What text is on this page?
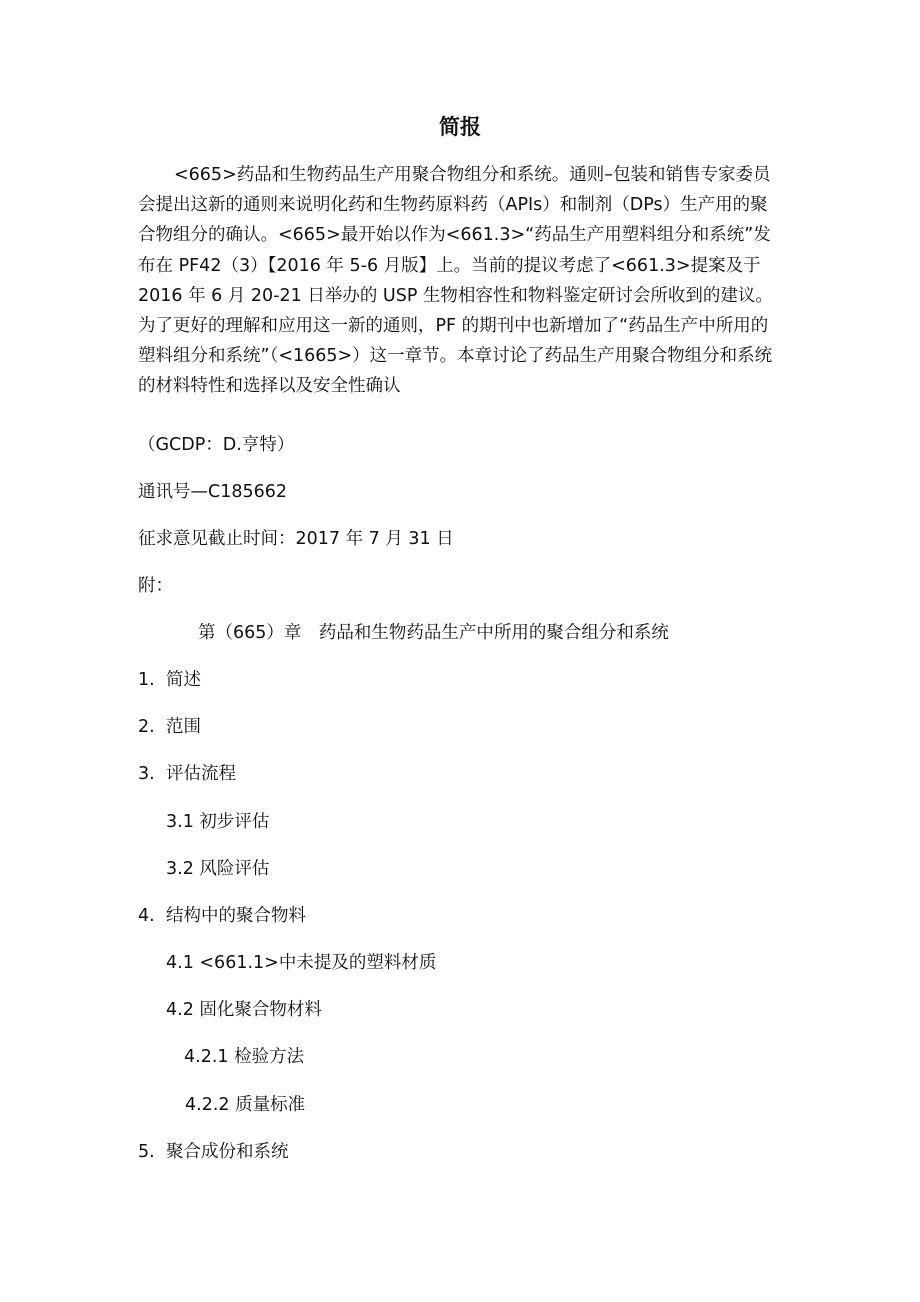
简报

<665>药品和生物药品生产用聚合物组分和系统。通则–包装和销售专家委员会提出这新的通则来说明化药和生物药原料药（APIs）和制剂（DPs）生产用的聚合物组分的确认。<665>最开始以作为<661.3>“药品生产用塑料组分和系统”发布在 PF42（3）【2016 年 5-6 月版】上。当前的提议考虑了<661.3>提案及于 2016 年 6 月 20-21 日举办的 USP 生物相容性和物料鉴定研讨会所收到的建议。为了更好的理解和应用这一新的通则，PF 的期刊中也新增加了“药品生产中所用的塑料组分和系统”（<1665>）这一章节。本章讨论了药品生产用聚合物组分和系统的材料特性和选择以及安全性确认

（GCDP：D.亨特）
通讯号—C185662
征求意见截止时间：2017 年 7 月 31 日
附：
第（665）章　药品和生物药品生产中所用的聚合组分和系统
1. 简述
2. 范围
3. 评估流程
3.1 初步评估
3.2 风险评估
4. 结构中的聚合物料
4.1 <661.1>中未提及的塑料材质
4.2 固化聚合物材料
4.2.1 检验方法
4.2.2 质量标准
5. 聚合成份和系统
